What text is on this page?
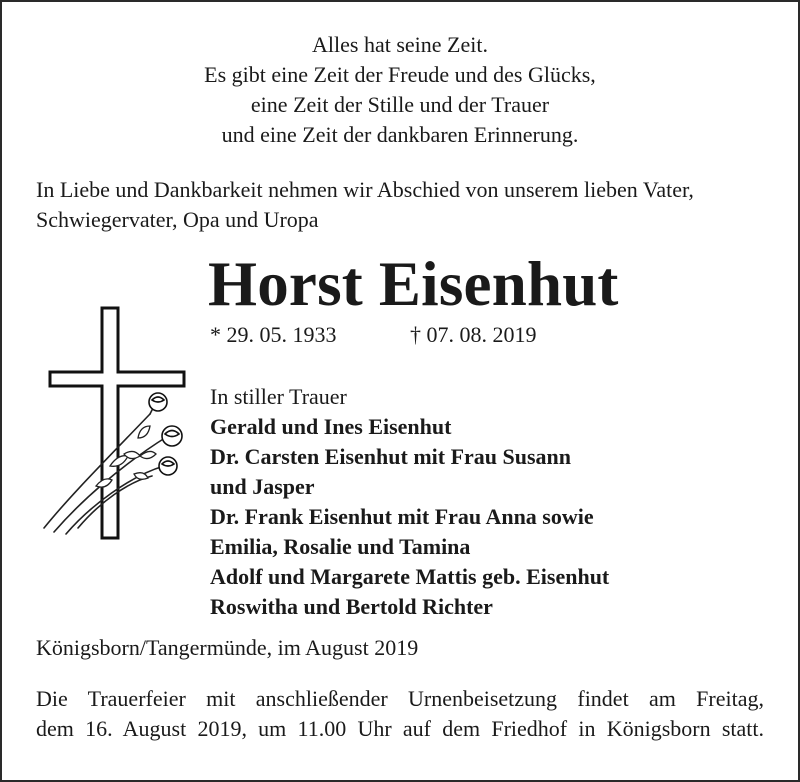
Alles hat seine Zeit.
Es gibt eine Zeit der Freude und des Glücks,
eine Zeit der Stille und der Trauer
und eine Zeit der dankbaren Erinnerung.
In Liebe und Dankbarkeit nehmen wir Abschied von unserem lieben Vater,
Schwiegervater, Opa und Uropa
Horst Eisenhut
* 29. 05. 1933	† 07. 08. 2019
In stiller Trauer
Gerald und Ines Eisenhut
Dr. Carsten Eisenhut mit Frau Susann
und Jasper
Dr. Frank Eisenhut mit Frau Anna sowie
Emilia, Rosalie und Tamina
Adolf und Margarete Mattis geb. Eisenhut
Roswitha und Bertold Richter
Königsborn/Tangermünde, im August 2019
Die Trauerfeier mit anschließender Urnenbeisetzung findet am Freitag,
dem 16. August 2019, um 11.00 Uhr auf dem Friedhof in Königsborn statt.
